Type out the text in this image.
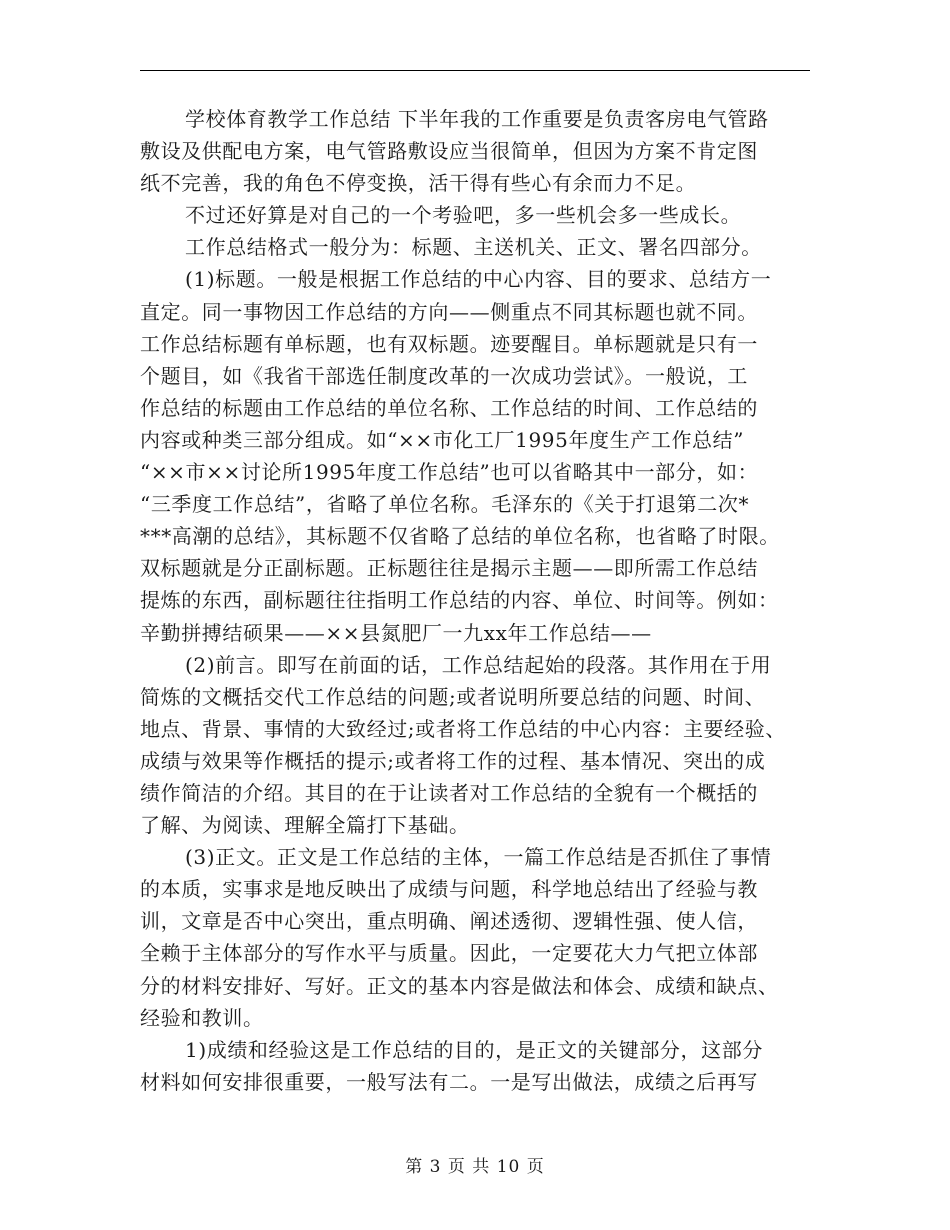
学校体育教学工作总结 下半年我的工作重要是负责客房电气管路
敷设及供配电方案，电气管路敷设应当很简单，但因为方案不肯定图
纸不完善，我的角色不停变换，活干得有些心有余而力不足。
不过还好算是对自己的一个考验吧，多一些机会多一些成长。
工作总结格式一般分为：标题、主送机关、正文、署名四部分。
(1)标题。一般是根据工作总结的中心内容、目的要求、总结方一
直定。同一事物因工作总结的方向——侧重点不同其标题也就不同。
工作总结标题有单标题，也有双标题。迹要醒目。单标题就是只有一
个题目，如《我省干部选任制度改革的一次成功尝试》。一般说，工
作总结的标题由工作总结的单位名称、工作总结的时间、工作总结的
内容或种类三部分组成。如“××市化工厂1995年度生产工作总结”
“××市××讨论所1995年度工作总结”也可以省略其中一部分，如：
“三季度工作总结”，省略了单位名称。毛泽东的《关于打退第二次*
***高潮的总结》，其标题不仅省略了总结的单位名称，也省略了时限。
双标题就是分正副标题。正标题往往是揭示主题——即所需工作总结
提炼的东西，副标题往往指明工作总结的内容、单位、时间等。例如：
辛勤拼搏结硕果——××县氮肥厂一九xx年工作总结——
(2)前言。即写在前面的话，工作总结起始的段落。其作用在于用
简炼的文概括交代工作总结的问题;或者说明所要总结的问题、时间、
地点、背景、事情的大致经过;或者将工作总结的中心内容：主要经验、
成绩与效果等作概括的提示;或者将工作的过程、基本情况、突出的成
绩作简洁的介绍。其目的在于让读者对工作总结的全貌有一个概括的
了解、为阅读、理解全篇打下基础。
(3)正文。正文是工作总结的主体，一篇工作总结是否抓住了事情
的本质，实事求是地反映出了成绩与问题，科学地总结出了经验与教
训，文章是否中心突出，重点明确、阐述透彻、逻辑性强、使人信，
全赖于主体部分的写作水平与质量。因此，一定要花大力气把立体部
分的材料安排好、写好。正文的基本内容是做法和体会、成绩和缺点、
经验和教训。
1)成绩和经验这是工作总结的目的，是正文的关键部分，这部分
材料如何安排很重要，一般写法有二。一是写出做法，成绩之后再写
第 3 页 共 10 页
